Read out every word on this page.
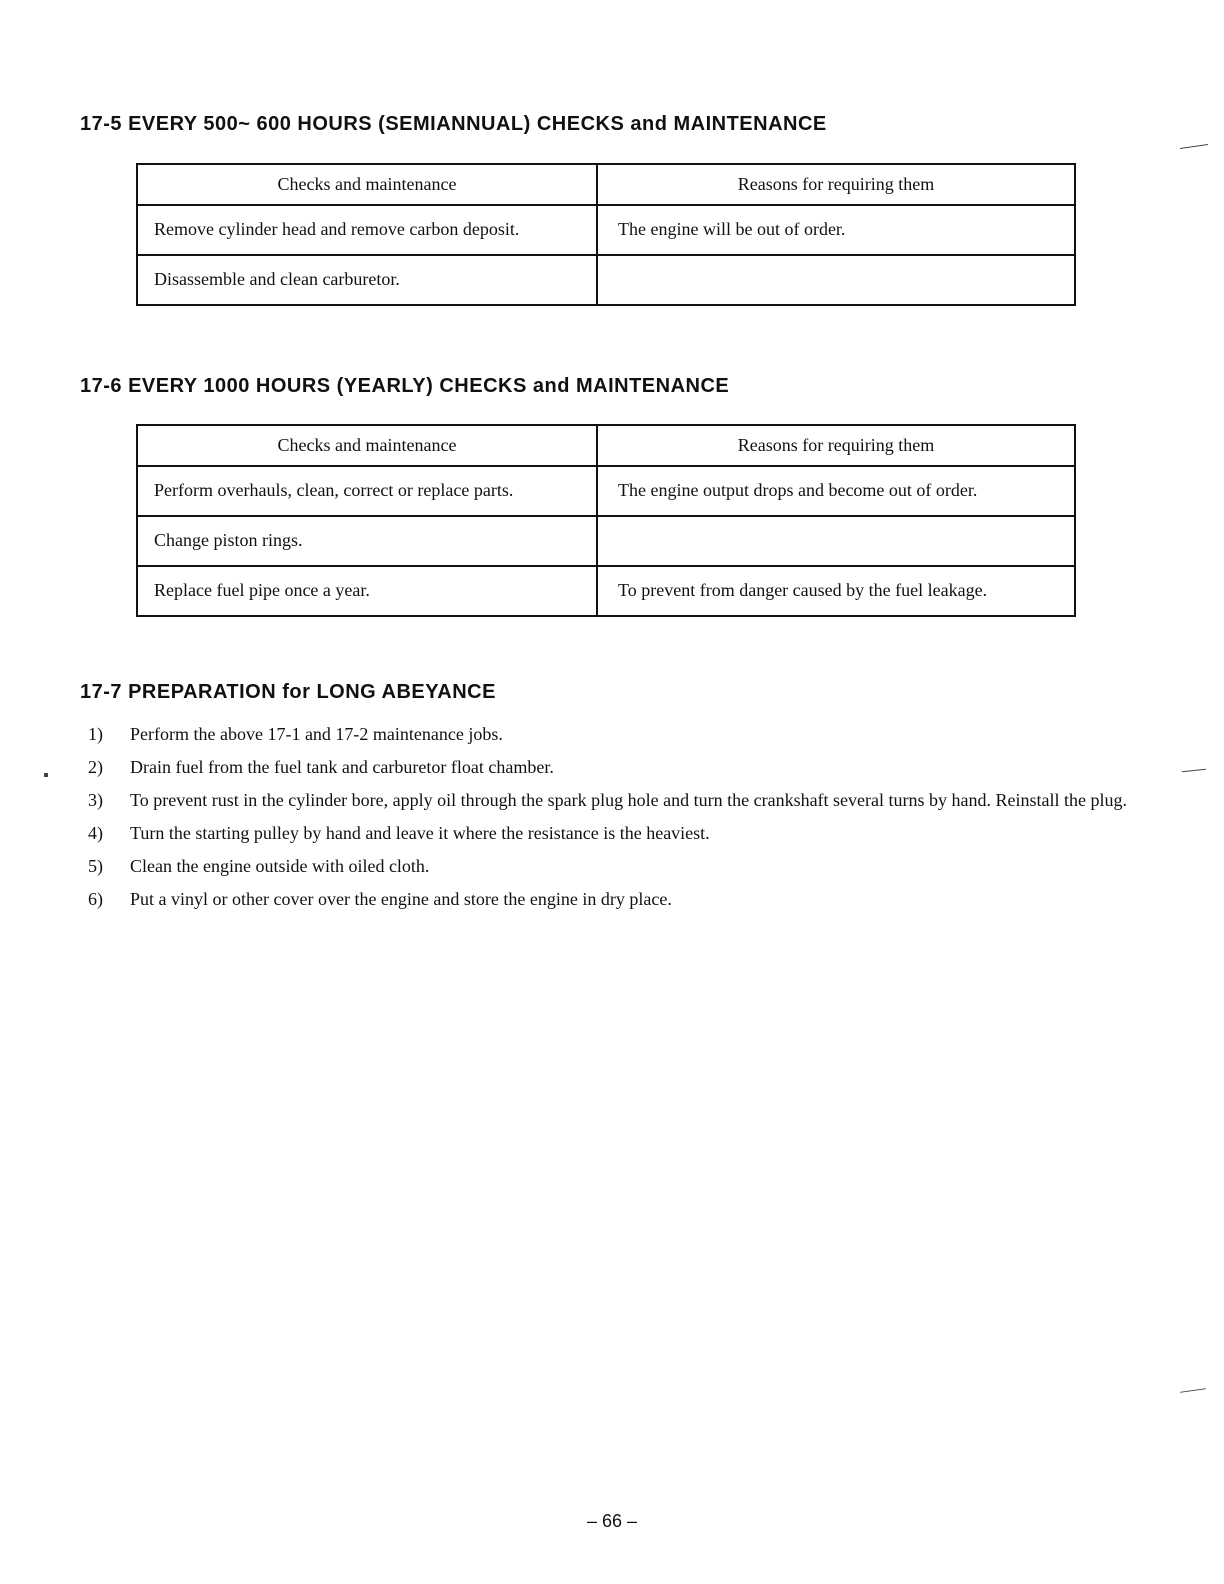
17-5 EVERY 500~ 600 HOURS (SEMIANNUAL) CHECKS and MAINTENANCE
Checks and maintenance	Reasons for requiring them
Remove cylinder head and remove carbon deposit.	The engine will be out of order.
Disassemble and clean carburetor.	
17-6 EVERY 1000 HOURS (YEARLY) CHECKS and MAINTENANCE
Checks and maintenance	Reasons for requiring them
Perform overhauls, clean, correct or replace parts.	The engine output drops and become out of order.
Change piston rings.	
Replace fuel pipe once a year.	To prevent from danger caused by the fuel leakage.
17-7 PREPARATION for LONG ABEYANCE
1)	Perform the above 17-1 and 17-2 maintenance jobs.
2)	Drain fuel from the fuel tank and carburetor float chamber.
3)	To prevent rust in the cylinder bore, apply oil through the spark plug hole and turn the crankshaft several turns by hand. Reinstall the plug.
4)	Turn the starting pulley by hand and leave it where the resistance is the heaviest.
5)	Clean the engine outside with oiled cloth.
6)	Put a vinyl or other cover over the engine and store the engine in dry place.
– 66 –
